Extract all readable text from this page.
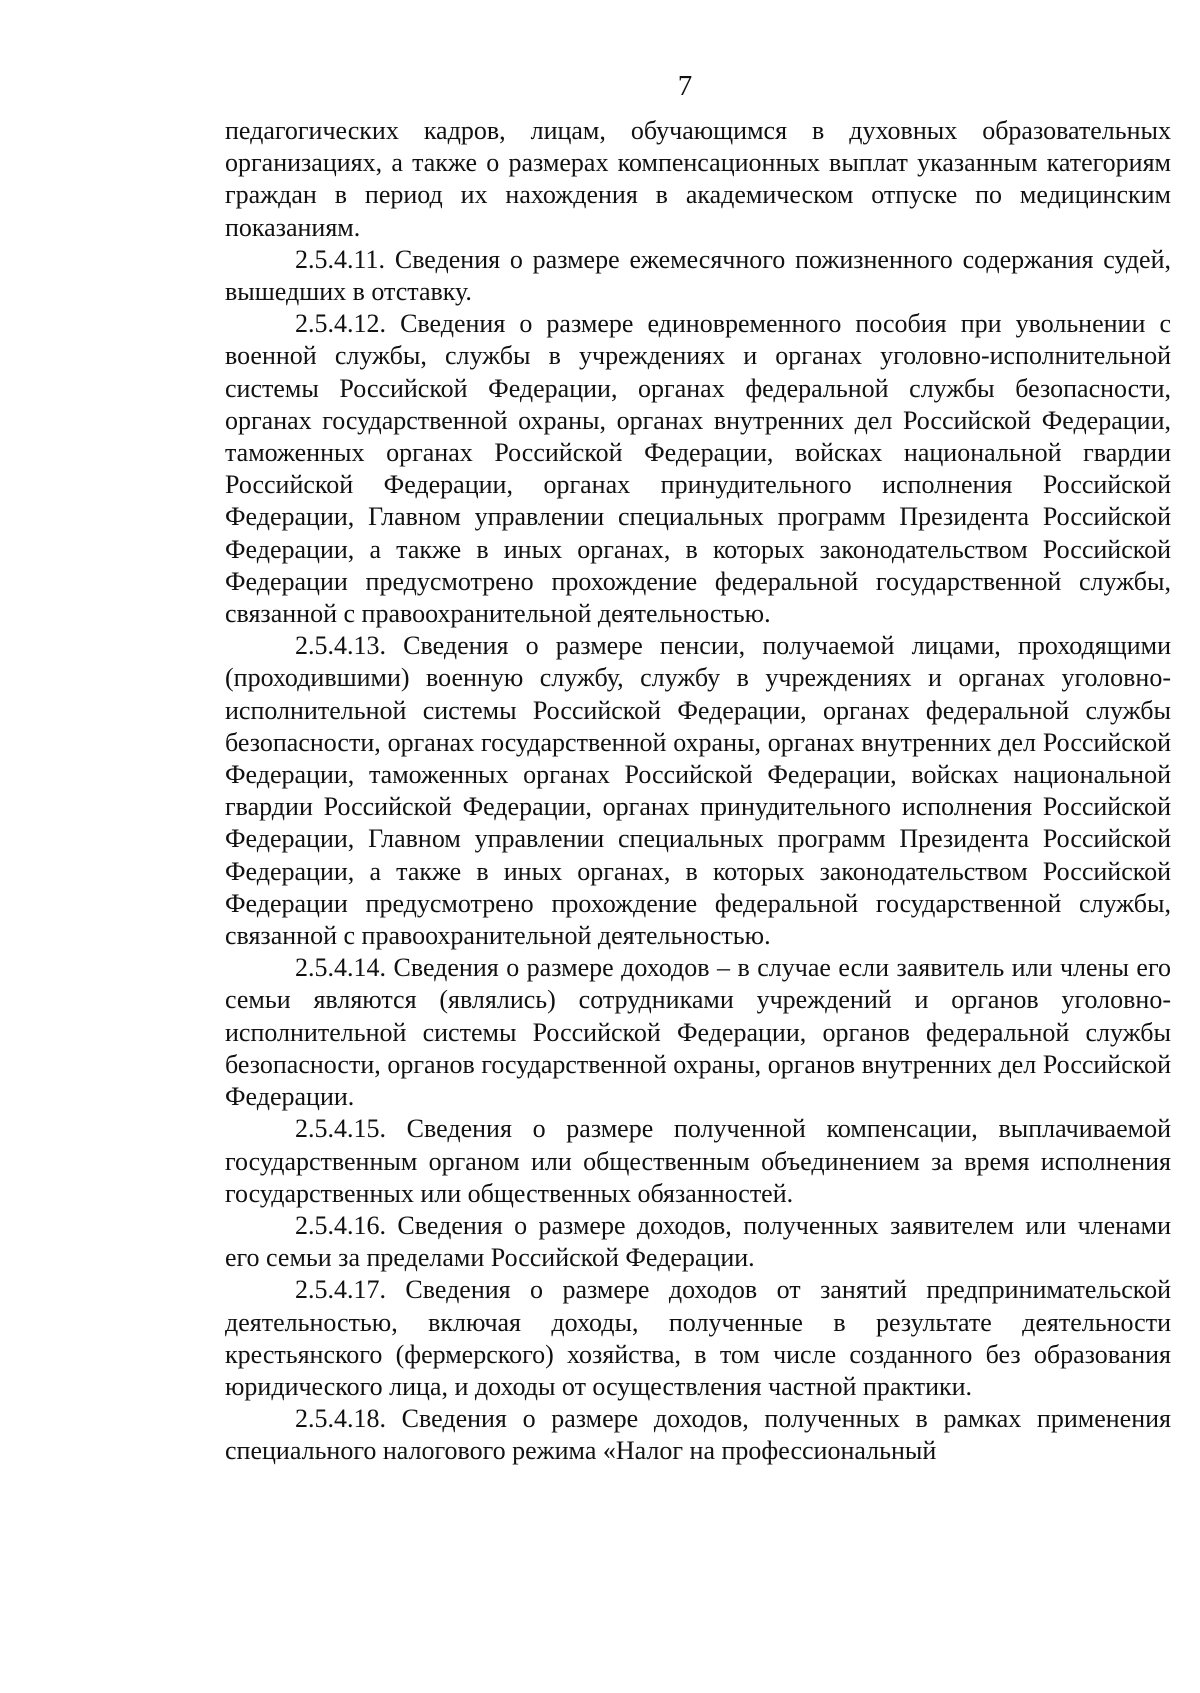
7

педагогических кадров, лицам, обучающимся в духовных образовательных организациях, а также о размерах компенсационных выплат указанным категориям граждан в период их нахождения в академическом отпуске по медицинским показаниям.

2.5.4.11. Сведения о размере ежемесячного пожизненного содержания судей, вышедших в отставку.

2.5.4.12. Сведения о размере единовременного пособия при увольнении с военной службы, службы в учреждениях и органах уголовно-исполнительной системы Российской Федерации, органах федеральной службы безопасности, органах государственной охраны, органах внутренних дел Российской Федерации, таможенных органах Российской Федерации, войсках национальной гвардии Российской Федерации, органах принудительного исполнения Российской Федерации, Главном управлении специальных программ Президента Российской Федерации, а также в иных органах, в которых законодательством Российской Федерации предусмотрено прохождение федеральной государственной службы, связанной с правоохранительной деятельностью.

2.5.4.13. Сведения о размере пенсии, получаемой лицами, проходящими (проходившими) военную службу, службу в учреждениях и органах уголовно-исполнительной системы Российской Федерации, органах федеральной службы безопасности, органах государственной охраны, органах внутренних дел Российской Федерации, таможенных органах Российской Федерации, войсках национальной гвардии Российской Федерации, органах принудительного исполнения Российской Федерации, Главном управлении специальных программ Президента Российской Федерации, а также в иных органах, в которых законодательством Российской Федерации предусмотрено прохождение федеральной государственной службы, связанной с правоохранительной деятельностью.

2.5.4.14. Сведения о размере доходов – в случае если заявитель или члены его семьи являются (являлись) сотрудниками учреждений и органов уголовно-исполнительной системы Российской Федерации, органов федеральной службы безопасности, органов государственной охраны, органов внутренних дел Российской Федерации.

2.5.4.15. Сведения о размере полученной компенсации, выплачиваемой государственным органом или общественным объединением за время исполнения государственных или общественных обязанностей.

2.5.4.16. Сведения о размере доходов, полученных заявителем или членами его семьи за пределами Российской Федерации.

2.5.4.17. Сведения о размере доходов от занятий предпринимательской деятельностью, включая доходы, полученные в результате деятельности крестьянского (фермерского) хозяйства, в том числе созданного без образования юридического лица, и доходы от осуществления частной практики.

2.5.4.18. Сведения о размере доходов, полученных в рамках применения специального налогового режима «Налог на профессиональный
